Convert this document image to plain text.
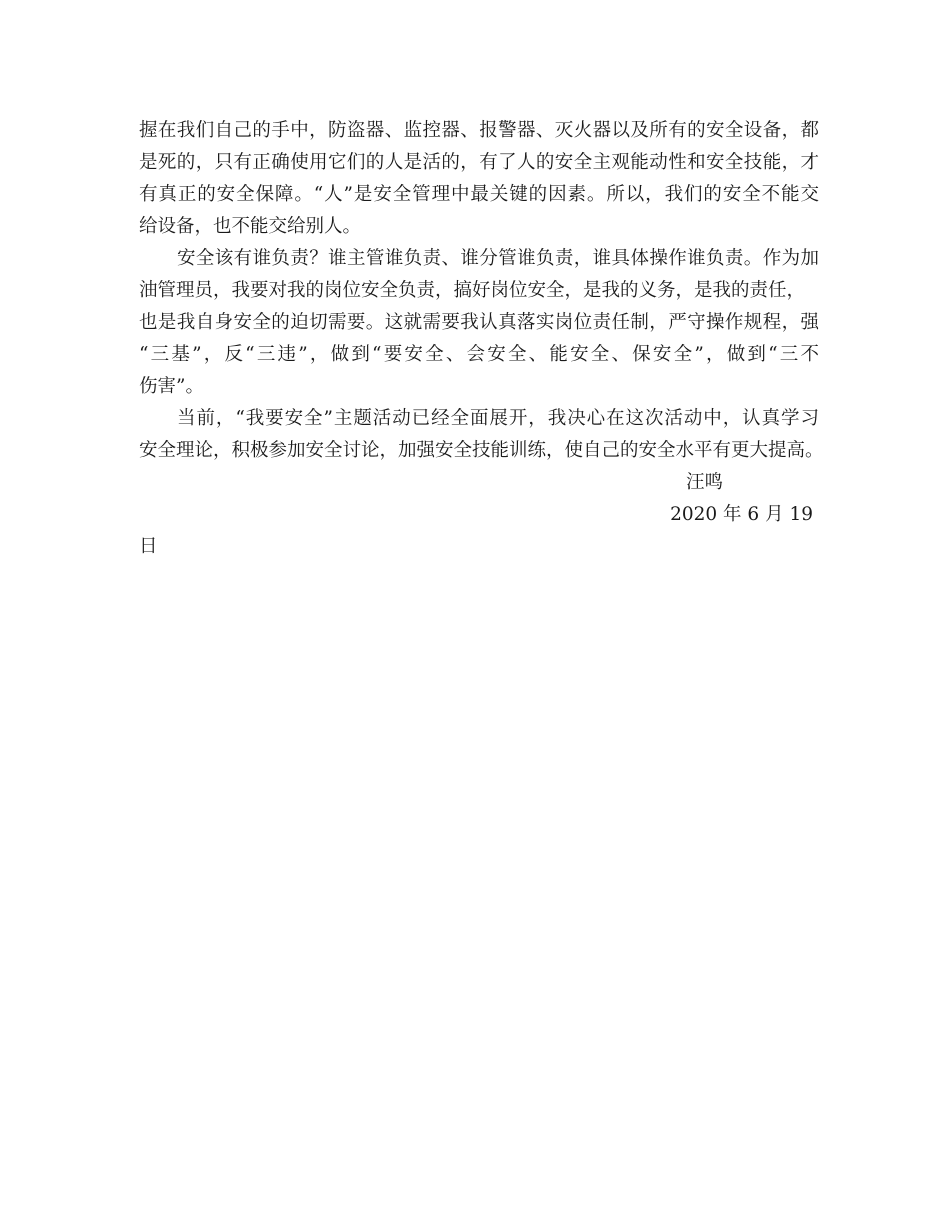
握在我们自己的手中，防盗器、监控器、报警器、灭火器以及所有的安全设备，都
是死的，只有正确使用它们的人是活的，有了人的安全主观能动性和安全技能，才
有真正的安全保障。“人”是安全管理中最关键的因素。所以，我们的安全不能交
给设备，也不能交给别人。
安全该有谁负责？谁主管谁负责、谁分管谁负责，谁具体操作谁负责。作为加
油管理员，我要对我的岗位安全负责，搞好岗位安全，是我的义务，是我的责任，
也是我自身安全的迫切需要。这就需要我认真落实岗位责任制，严守操作规程，强
“三基”，反“三违”，做到“要安全、会安全、能安全、保安全”，做到“三不
伤害”。
当前，“我要安全”主题活动已经全面展开，我决心在这次活动中，认真学习
安全理论，积极参加安全讨论，加强安全技能训练，使自己的安全水平有更大提高。
汪鸣
2020 年 6 月 19
日
